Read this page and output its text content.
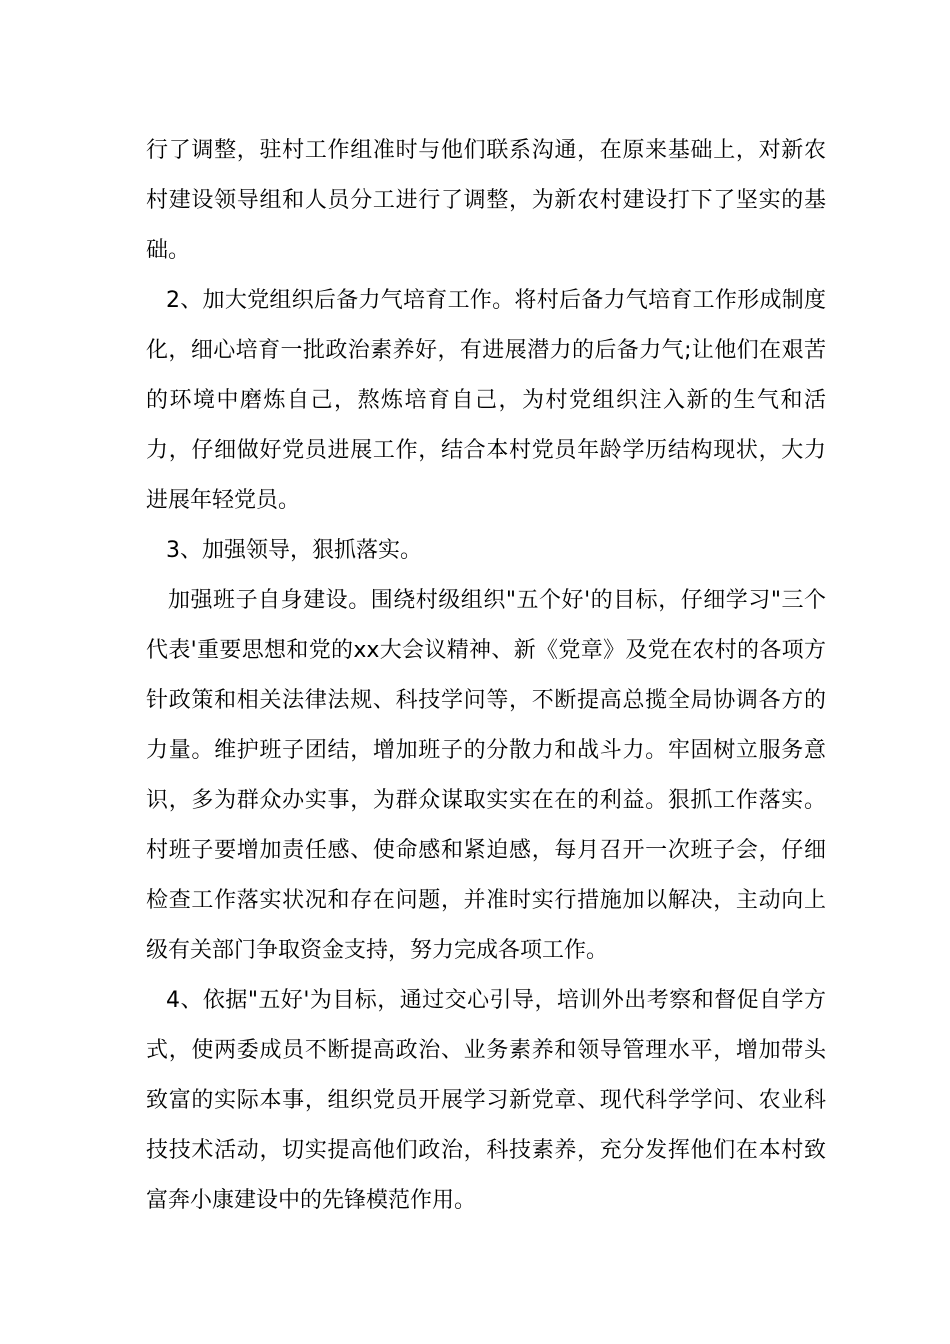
行了调整，驻村工作组准时与他们联系沟通，在原来基础上，对新农村建设领导组和人员分工进行了调整，为新农村建设打下了坚实的基础。

2、加大党组织后备力气培育工作。将村后备力气培育工作形成制度化，细心培育一批政治素养好，有进展潜力的后备力气;让他们在艰苦的环境中磨炼自己，熬炼培育自己，为村党组织注入新的生气和活力，仔细做好党员进展工作，结合本村党员年龄学历结构现状，大力进展年轻党员。

3、加强领导，狠抓落实。

加强班子自身建设。围绕村级组织"五个好'的目标，仔细学习"三个代表'重要思想和党的xx大会议精神、新《党章》及党在农村的各项方针政策和相关法律法规、科技学问等，不断提高总揽全局协调各方的力量。维护班子团结，增加班子的分散力和战斗力。牢固树立服务意识，多为群众办实事，为群众谋取实实在在的利益。狠抓工作落实。村班子要增加责任感、使命感和紧迫感，每月召开一次班子会，仔细检查工作落实状况和存在问题，并准时实行措施加以解决，主动向上级有关部门争取资金支持，努力完成各项工作。

4、依据"五好'为目标，通过交心引导，培训外出考察和督促自学方式，使两委成员不断提高政治、业务素养和领导管理水平，增加带头致富的实际本事，组织党员开展学习新党章、现代科学学问、农业科技技术活动，切实提高他们政治，科技素养，充分发挥他们在本村致富奔小康建设中的先锋模范作用。
